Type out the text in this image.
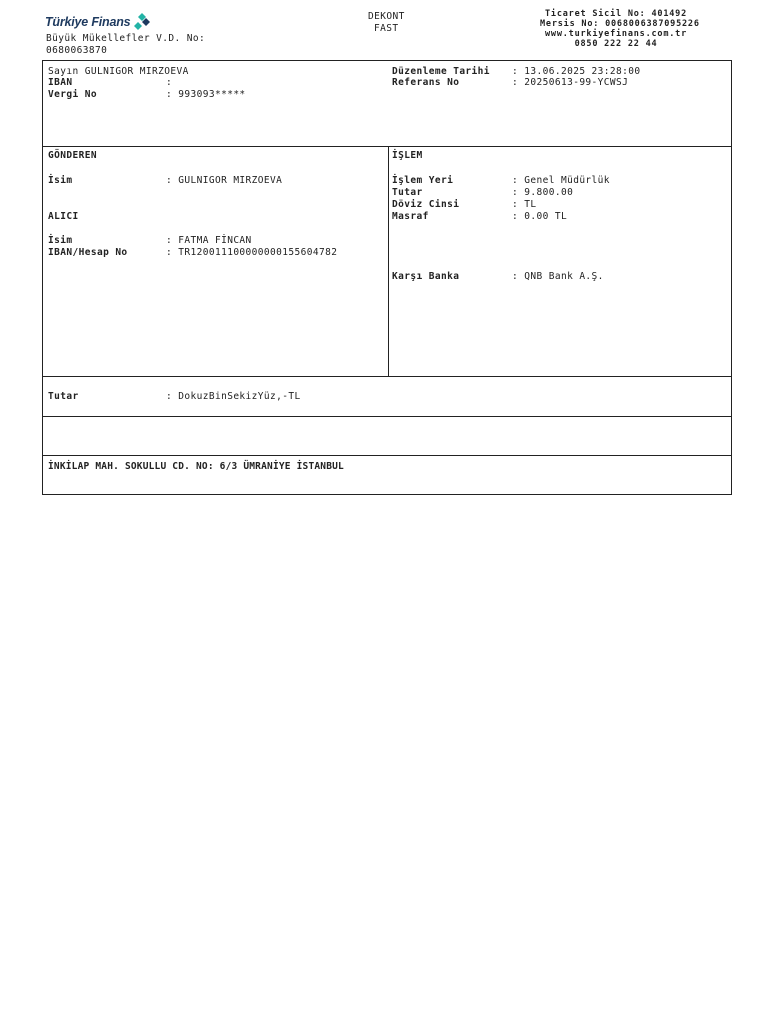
Türkiye Finans
Büyük Mükellefler V.D. No:
0680063870
DEKONT
FAST
Ticaret Sicil No: 401492
Mersis No: 0068006387095226
www.turkiyefinans.com.tr
0850 222 22 44
Sayın GULNIGOR MIRZOEVA
IBAN	:
Vergi No	: 993093*****
Düzenleme Tarihi : 13.06.2025 23:28:00
Referans No	: 20250613-99-YCWSJ
GÖNDEREN
İsim	: GULNIGOR MIRZOEVA
ALICI
İsim	: FATMA FİNCAN
IBAN/Hesap No	: TR120011100000000155604782
İŞLEM
İşlem Yeri	: Genel Müdürlük
Tutar	: 9.800.00
Döviz Cinsi	: TL
Masraf	: 0.00 TL
Karşı Banka	: QNB Bank A.Ş.
Tutar	: DokuzBinSekizYüz,-TL
İNKİLAP MAH. SOKULLU CD. NO: 6/3 ÜMRANİYE İSTANBUL
